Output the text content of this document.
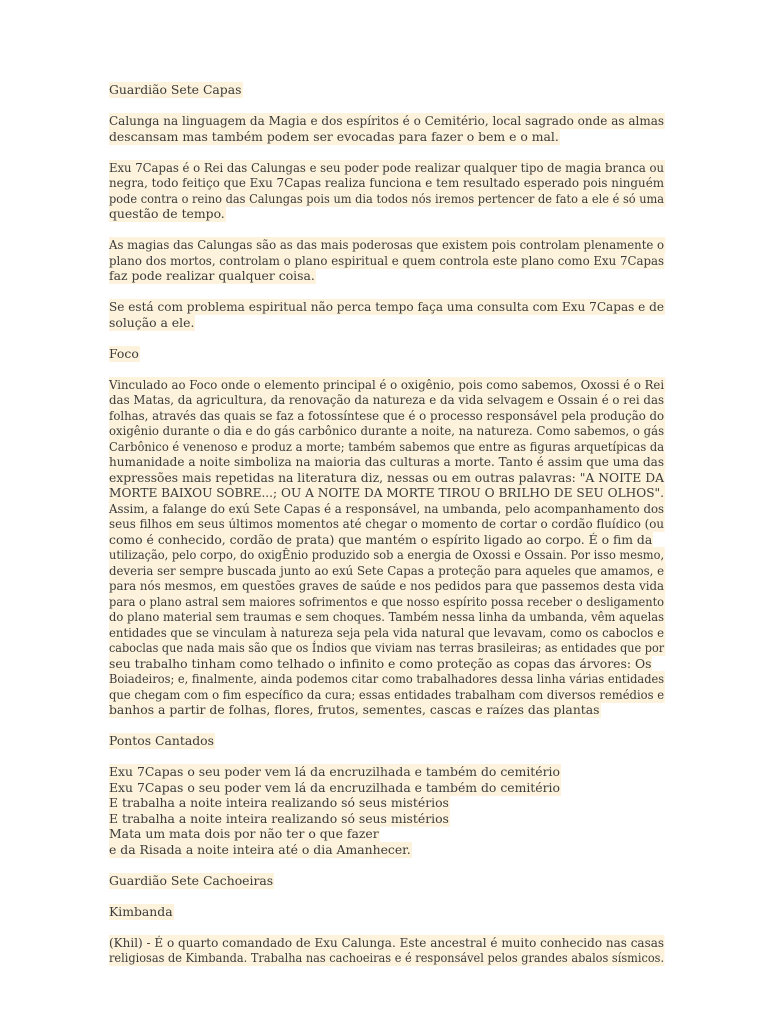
Guardião Sete Capas
Calunga na linguagem da Magia e dos espíritos é o Cemitério, local sagrado onde as almas
descansam mas também podem ser evocadas para fazer o bem e o mal.
Exu 7Capas é o Rei das Calungas e seu poder pode realizar qualquer tipo de magia branca ou
negra, todo feitiço que Exu 7Capas realiza funciona e tem resultado esperado pois ninguém
pode contra o reino das Calungas pois um dia todos nós iremos pertencer de fato a ele é só uma
questão de tempo.
As magias das Calungas são as das mais poderosas que existem pois controlam plenamente o
plano dos mortos, controlam o plano espiritual e quem controla este plano como Exu 7Capas
faz pode realizar qualquer coisa.
Se está com problema espiritual não perca tempo faça uma consulta com Exu 7Capas e de
solução a ele.
Foco
Vinculado ao Foco onde o elemento principal é o oxigênio, pois como sabemos, Oxossi é o Rei
das Matas, da agricultura, da renovação da natureza e da vida selvagem e Ossain é o rei das
folhas, através das quais se faz a fotossíntese que é o processo responsável pela produção do
oxigênio durante o dia e do gás carbônico durante a noite, na natureza. Como sabemos, o gás
Carbônico é venenoso e produz a morte; também sabemos que entre as figuras arquetípicas da
humanidade a noite simboliza na maioria das culturas a morte. Tanto é assim que uma das
expressões mais repetidas na literatura diz, nessas ou em outras palavras: "A NOITE DA
MORTE BAIXOU SOBRE...; OU A NOITE DA MORTE TIROU O BRILHO DE SEU OLHOS".
Assim, a falange do exú Sete Capas é a responsável, na umbanda, pelo acompanhamento dos
seus filhos em seus últimos momentos até chegar o momento de cortar o cordão fluídico (ou
como é conhecido, cordão de prata) que mantém o espírito ligado ao corpo. É o fim da
utilização, pelo corpo, do oxigÊnio produzido sob a energia de Oxossi e Ossain. Por isso mesmo,
deveria ser sempre buscada junto ao exú Sete Capas a proteção para aqueles que amamos, e
para nós mesmos, em questões graves de saúde e nos pedidos para que passemos desta vida
para o plano astral sem maiores sofrimentos e que nosso espírito possa receber o desligamento
do plano material sem traumas e sem choques. Também nessa linha da umbanda, vêm aquelas
entidades que se vinculam à natureza seja pela vida natural que levavam, como os caboclos e
caboclas que nada mais são que os Índios que viviam nas terras brasileiras; as entidades que por
seu trabalho tinham como telhado o infinito e como proteção as copas das árvores: Os
Boiadeiros; e, finalmente, ainda podemos citar como trabalhadores dessa linha várias entidades
que chegam com o fim específico da cura; essas entidades trabalham com diversos remédios e
banhos a partir de folhas, flores, frutos, sementes, cascas e raízes das plantas
Pontos Cantados
Exu 7Capas o seu poder vem lá da encruzilhada e também do cemitério
Exu 7Capas o seu poder vem lá da encruzilhada e também do cemitério
E trabalha a noite inteira realizando só seus mistérios
E trabalha a noite inteira realizando só seus mistérios
Mata um mata dois por não ter o que fazer
e da Risada a noite inteira até o dia Amanhecer.
Guardião Sete Cachoeiras
Kimbanda
(Khil) - É o quarto comandado de Exu Calunga. Este ancestral é muito conhecido nas casas
religiosas de Kimbanda. Trabalha nas cachoeiras e é responsável pelos grandes abalos sísmicos.
